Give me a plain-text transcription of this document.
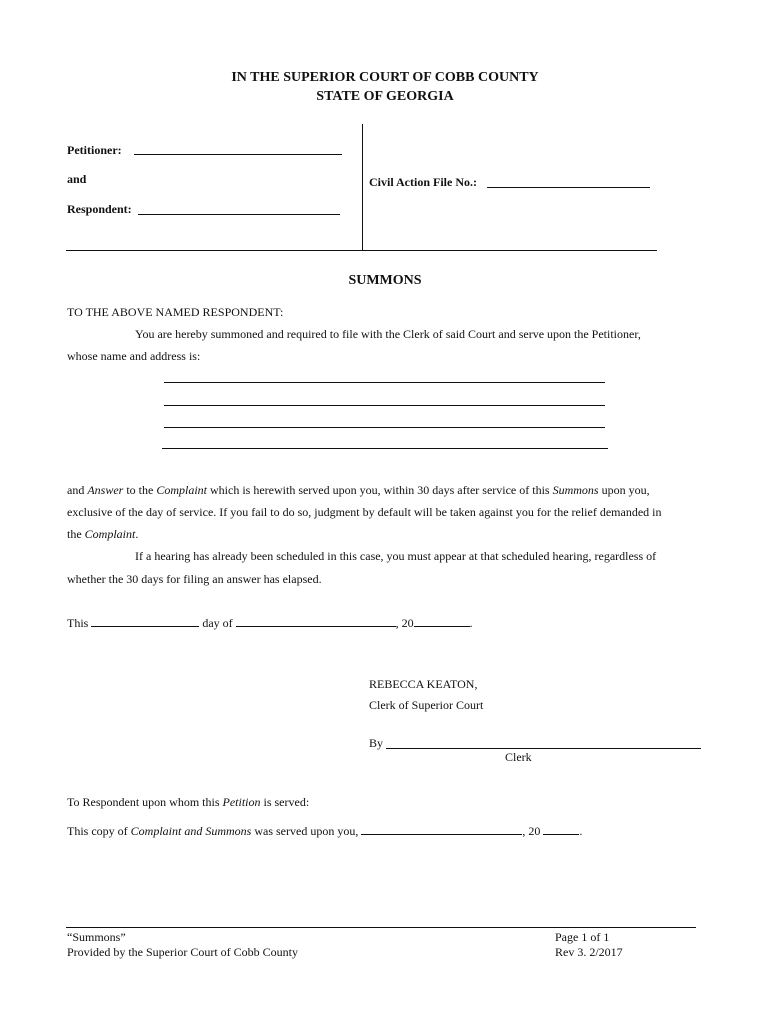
IN THE SUPERIOR COURT OF COBB COUNTY
STATE OF GEORGIA
Petitioner:
and
Respondent:
Civil Action File No.:
SUMMONS
TO THE ABOVE NAMED RESPONDENT:
You are hereby summoned and required to file with the Clerk of said Court and serve upon the Petitioner,
whose name and address is:
and Answer to the Complaint which is herewith served upon you, within 30 days after service of this Summons upon you,
exclusive of the day of service. If you fail to do so, judgment by default will be taken against you for the relief demanded in
the Complaint.
If a hearing has already been scheduled in this case, you must appear at that scheduled hearing, regardless of
whether the 30 days for filing an answer has elapsed.
This	day of	, 20	.
REBECCA KEATON,
Clerk of Superior Court
By
Clerk
To Respondent upon whom this Petition is served:
This copy of Complaint and Summons was served upon you,	, 20	.
“Summons”
Provided by the Superior Court of Cobb County
Page 1 of 1
Rev 3. 2/2017
